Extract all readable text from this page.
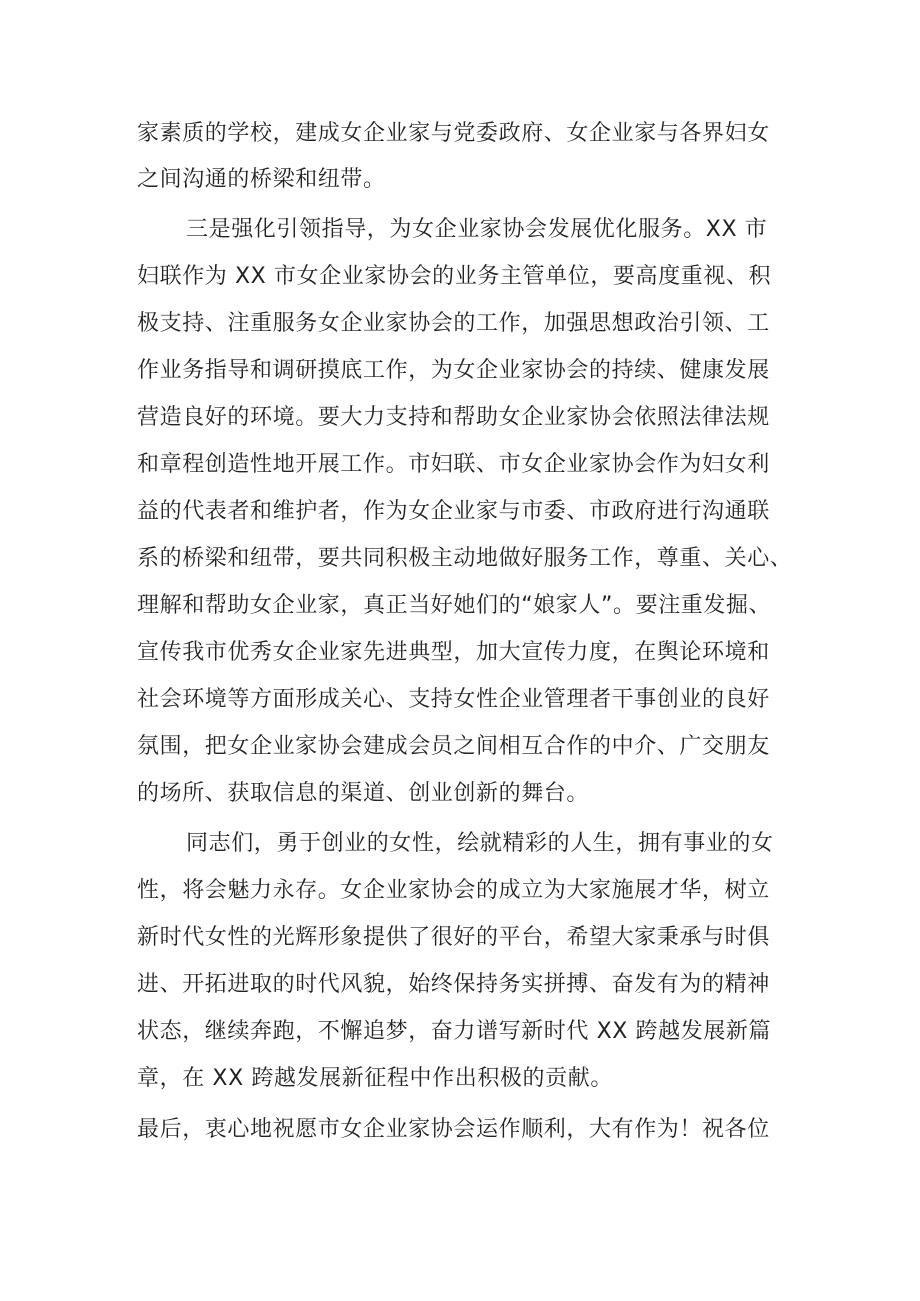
家素质的学校，建成女企业家与党委政府、女企业家与各界妇女
之间沟通的桥梁和纽带。
三是强化引领指导，为女企业家协会发展优化服务。XX 市
妇联作为 XX 市女企业家协会的业务主管单位，要高度重视、积
极支持、注重服务女企业家协会的工作，加强思想政治引领、工
作业务指导和调研摸底工作，为女企业家协会的持续、健康发展
营造良好的环境。要大力支持和帮助女企业家协会依照法律法规
和章程创造性地开展工作。市妇联、市女企业家协会作为妇女利
益的代表者和维护者，作为女企业家与市委、市政府进行沟通联
系的桥梁和纽带，要共同积极主动地做好服务工作，尊重、关心、
理解和帮助女企业家，真正当好她们的“娘家人”。要注重发掘、
宣传我市优秀女企业家先进典型，加大宣传力度，在舆论环境和
社会环境等方面形成关心、支持女性企业管理者干事创业的良好
氛围，把女企业家协会建成会员之间相互合作的中介、广交朋友
的场所、获取信息的渠道、创业创新的舞台。
同志们，勇于创业的女性，绘就精彩的人生，拥有事业的女
性，将会魅力永存。女企业家协会的成立为大家施展才华，树立
新时代女性的光辉形象提供了很好的平台，希望大家秉承与时俱
进、开拓进取的时代风貌，始终保持务实拼搏、奋发有为的精神
状态，继续奔跑，不懈追梦，奋力谱写新时代 XX 跨越发展新篇
章，在 XX 跨越发展新征程中作出积极的贡献。
最后，衷心地祝愿市女企业家协会运作顺利，大有作为！祝各位
